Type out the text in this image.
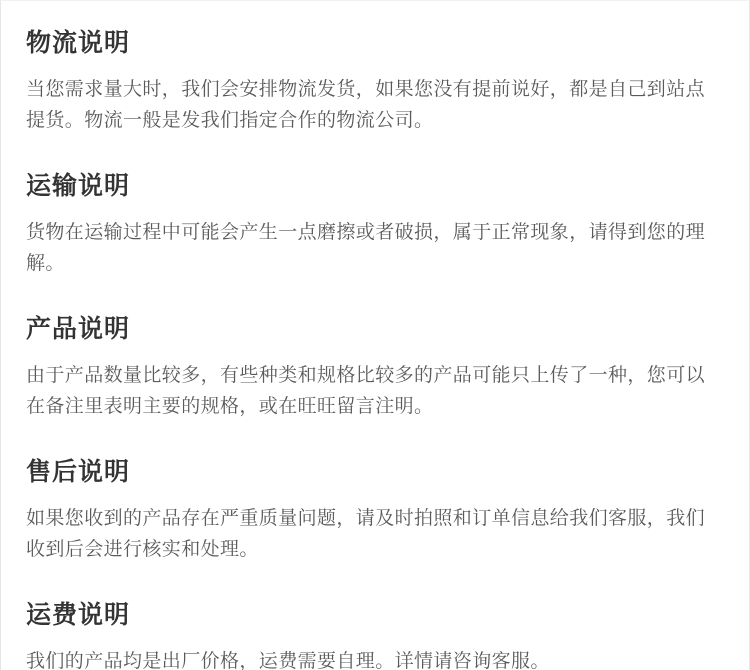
物流说明

当您需求量大时，我们会安排物流发货，如果您没有提前说好，都是自己到站点提货。物流一般是发我们指定合作的物流公司。

运输说明

货物在运输过程中可能会产生一点磨擦或者破损，属于正常现象，请得到您的理解。

产品说明

由于产品数量比较多，有些种类和规格比较多的产品可能只上传了一种，您可以在备注里表明主要的规格，或在旺旺留言注明。

售后说明

如果您收到的产品存在严重质量问题，请及时拍照和订单信息给我们客服，我们收到后会进行核实和处理。

运费说明

我们的产品均是出厂价格，运费需要自理。详情请咨询客服。
